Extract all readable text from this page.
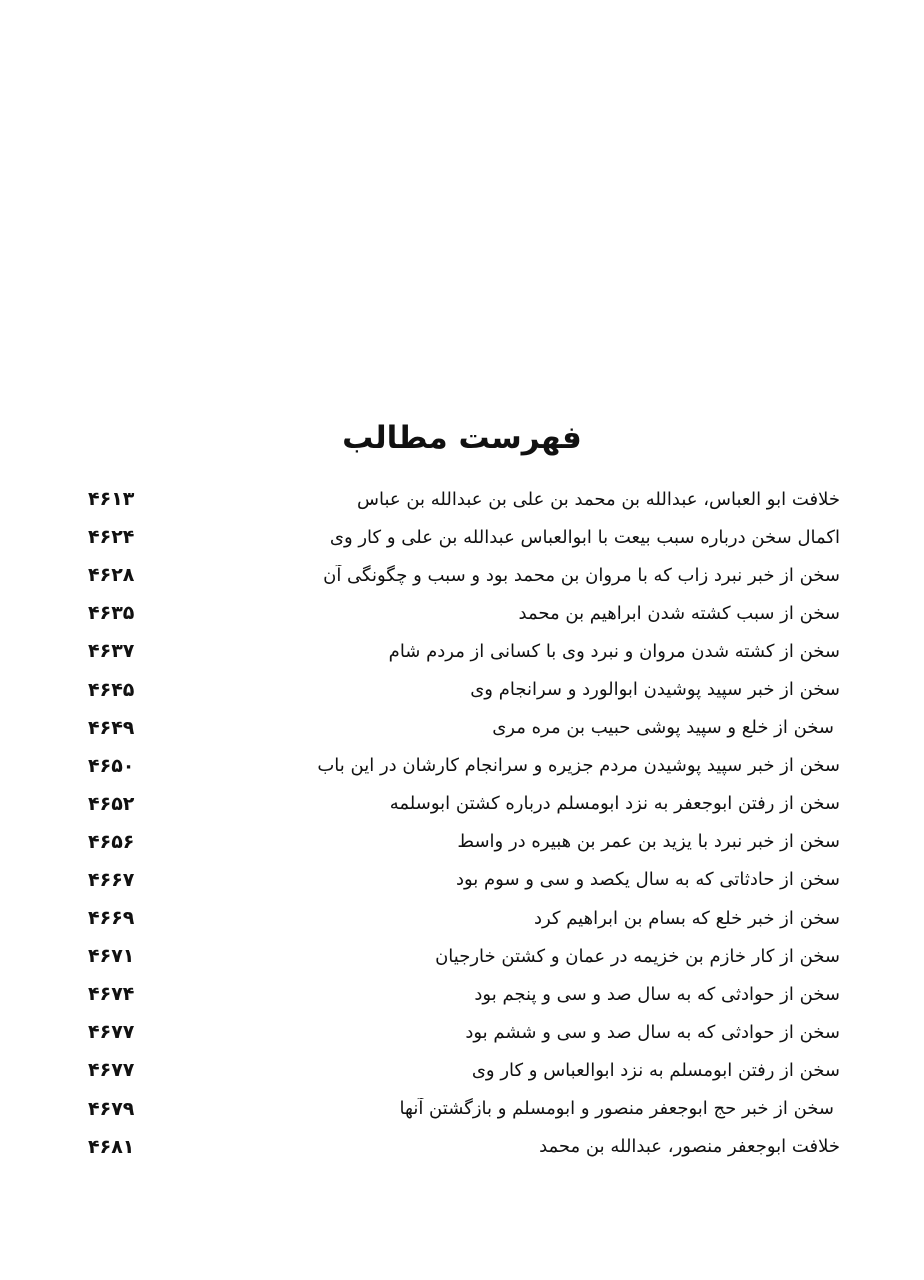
فهرست مطالب
۴۶۱۳	خلافت ابو العباس، عبدالله بن محمد بن علی بن عبدالله بن عباس
۴۶۲۴	اکمال سخن درباره سبب بیعت با ابوالعباس عبدالله بن علی و کار وی
۴۶۲۸	سخن از خبر نبرد زاب که با مروان بن محمد بود و سبب و چگونگی آن
۴۶۳۵	سخن از سبب کشته شدن ابراهیم بن محمد
۴۶۳۷	سخن از کشته شدن مروان و نبرد وی با کسانی از مردم شام
۴۶۴۵	سخن از خبر سپید پوشیدن ابوالورد و سرانجام وی
۴۶۴۹	سخن از خلع و سپید پوشی حبیب بن مره مری
۴۶۵۰	سخن از خبر سپید پوشیدن مردم جزیره و سرانجام کارشان در این باب
۴۶۵۲	سخن از رفتن ابوجعفر به نزد ابومسلم درباره کشتن ابوسلمه
۴۶۵۶	سخن از خبر نبرد با یزید بن عمر بن هبیره در واسط
۴۶۶۷	سخن از حادثاتی که به سال یکصد و سی و سوم بود
۴۶۶۹	سخن از خبر خلع که بسام بن ابراهیم کرد
۴۶۷۱	سخن از کار خازم بن خزیمه در عمان و کشتن خارجیان
۴۶۷۴	سخن از حوادثی که به سال صد و سی و پنجم بود
۴۶۷۷	سخن از حوادثی که به سال صد و سی و ششم بود
۴۶۷۷	سخن از رفتن ابومسلم به نزد ابوالعباس و کار وی
۴۶۷۹	سخن از خبر حج ابوجعفر منصور و ابومسلم و بازگشتن آنها
۴۶۸۱	خلافت ابوجعفر منصور، عبدالله بن محمد
